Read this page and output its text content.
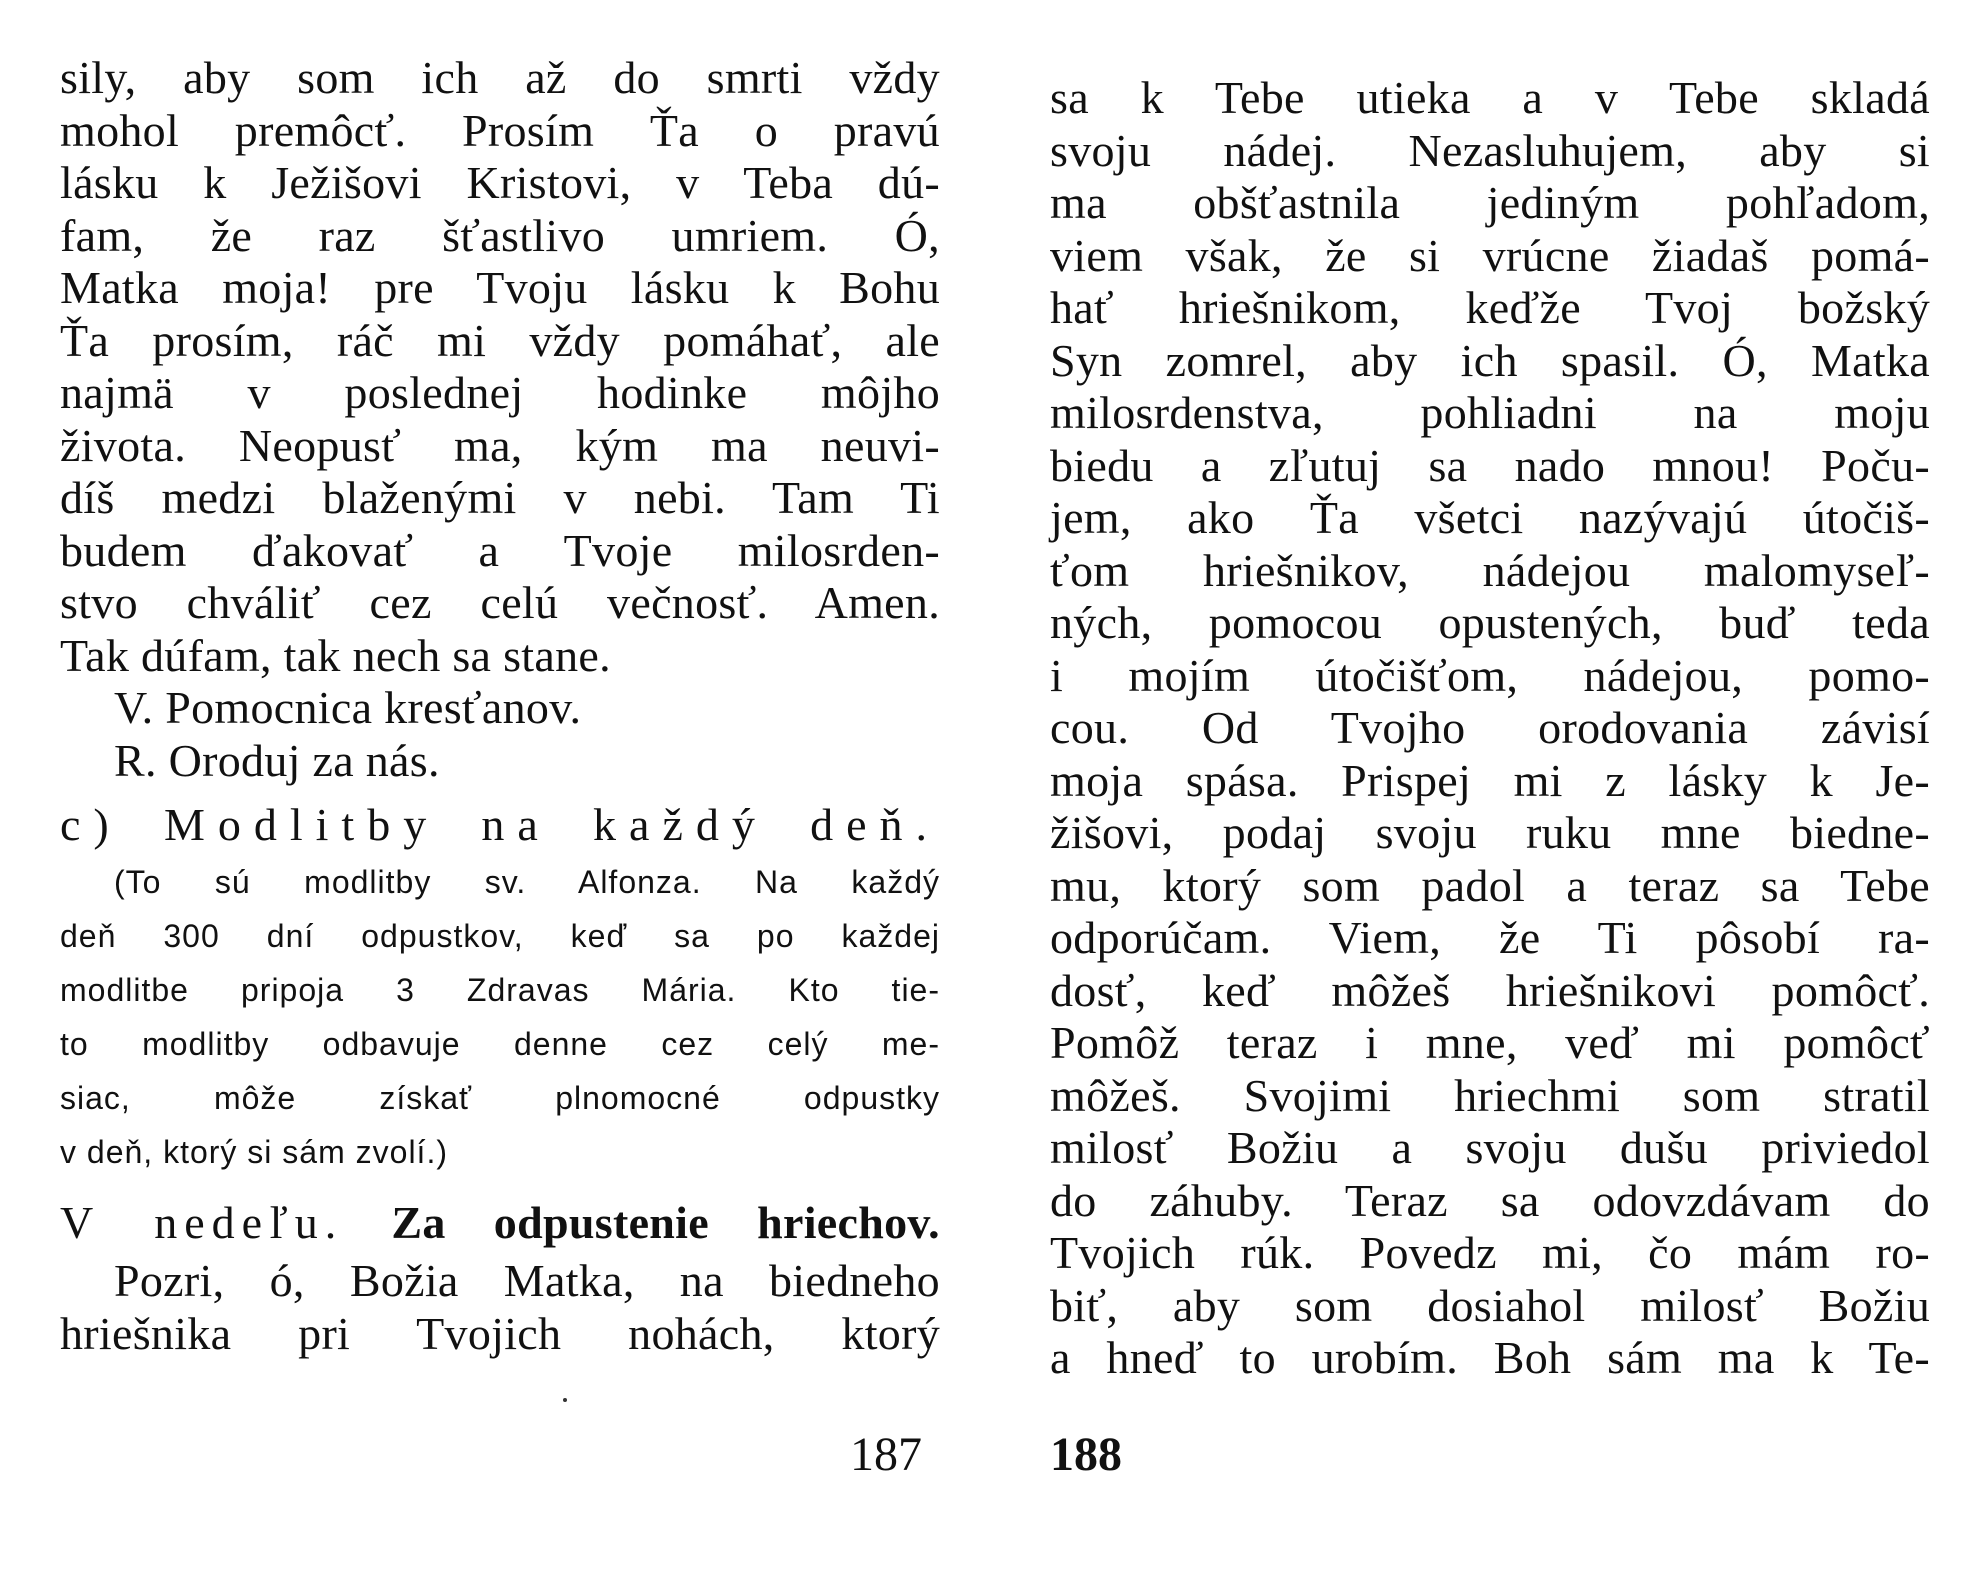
sily, aby som ich až do smrti vždy
mohol premôcť. Prosím Ťa o pravú
lásku k Ježišovi Kristovi, v Teba dú-
fam, že raz šťastlivo umriem. Ó,
Matka moja! pre Tvoju lásku k Bohu
Ťa prosím, ráč mi vždy pomáhať, ale
najmä v poslednej hodinke môjho
života. Neopusť ma, kým ma neuvi-
díš medzi blaženými v nebi. Tam Ti
budem ďakovať a Tvoje milosrden-
stvo chváliť cez celú večnosť. Amen.
Tak dúfam, tak nech sa stane.
V. Pomocnica kresťanov.
R. Oroduj za nás.
c) Modlitby na každý deň.
(To sú modlitby sv. Alfonza. Na každý
deň 300 dní odpustkov, keď sa po každej
modlitbe pripoja 3 Zdravas Mária. Kto tie-
to modlitby odbavuje denne cez celý me-
siac, môže získať plnomocné odpustky
v deň, ktorý si sám zvolí.)
V nedeľu. Za odpustenie hriechov.
Pozri, ó, Božia Matka, na biedneho
hriešnika pri Tvojich nohách, ktorý
187
sa k Tebe utieka a v Tebe skladá
svoju nádej. Nezasluhujem, aby si
ma obšťastnila jediným pohľadom,
viem však, že si vrúcne žiadaš pomá-
hať hriešnikom, keďže Tvoj božský
Syn zomrel, aby ich spasil. Ó, Matka
milosrdenstva, pohliadni na moju
biedu a zľutuj sa nado mnou! Poču-
jem, ako Ťa všetci nazývajú útočiš-
ťom hriešnikov, nádejou malomyseľ-
ných, pomocou opustených, buď teda
i mojím útočišťom, nádejou, pomo-
cou. Od Tvojho orodovania závisí
moja spása. Prispej mi z lásky k Je-
žišovi, podaj svoju ruku mne biedne-
mu, ktorý som padol a teraz sa Tebe
odporúčam. Viem, že Ti pôsobí ra-
dosť, keď môžeš hriešnikovi pomôcť.
Pomôž teraz i mne, veď mi pomôcť
môžeš. Svojimi hriechmi som stratil
milosť Božiu a svoju dušu priviedol
do záhuby. Teraz sa odovzdávam do
Tvojich rúk. Povedz mi, čo mám ro-
biť, aby som dosiahol milosť Božiu
a hneď to urobím. Boh sám ma k Te-
188
